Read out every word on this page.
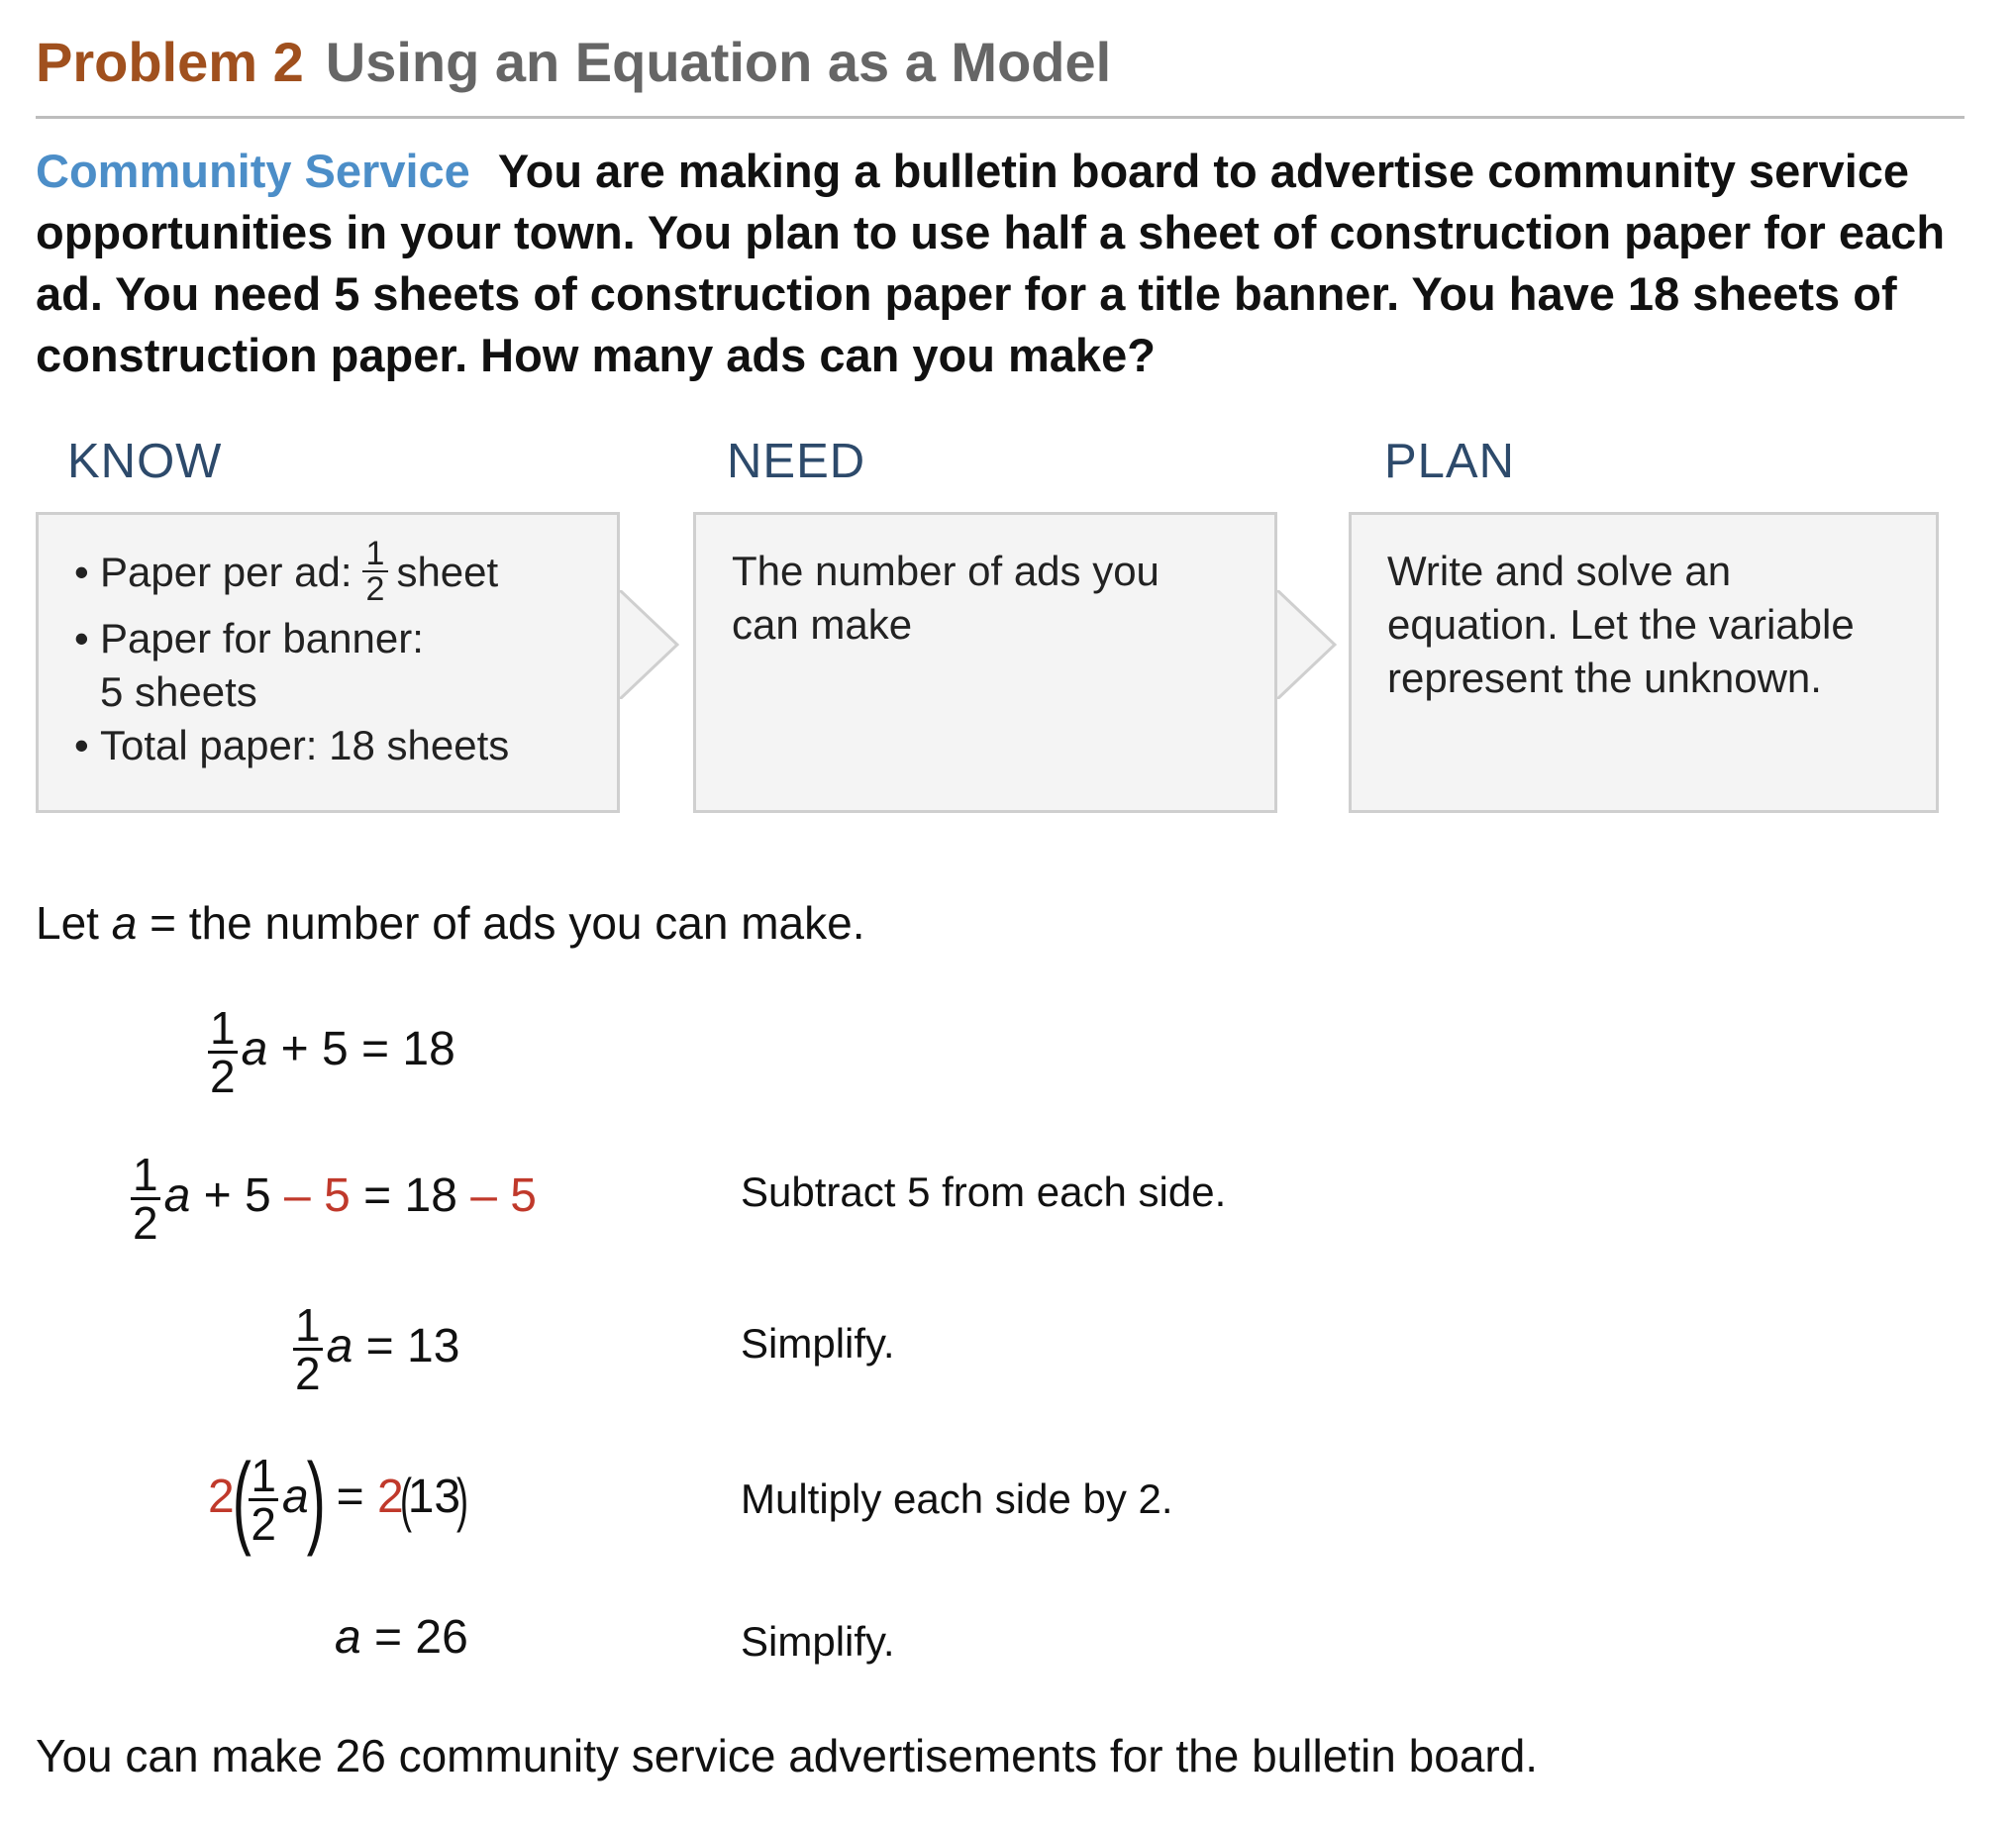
Problem 2 Using an Equation as a Model
Community Service You are making a bulletin board to advertise community service opportunities in your town. You plan to use half a sheet of construction paper for each ad. You need 5 sheets of construction paper for a title banner. You have 18 sheets of construction paper. How many ads can you make?
KNOW	NEED	PLAN
• Paper per ad: $\frac{1}{2}$ sheet
• Paper for banner:
5 sheets
• Total paper: 18 sheets
The number of ads you
can make
Write and solve an
equation. Let the variable
represent the unknown.
Let a = the number of ads you can make.
$\frac{1}{2}$ a + 5 = 18
$\frac{1}{2}$ a + 5 – 5 = 18 – 5	Subtract 5 from each side.
$\frac{1}{2}$ a = 13	Simplify.
2(
$\frac{1}{2} a) = 2(13)$	Multiply each side by 2.
a = 26	Simplify.
You can make 26 community service advertisements for the bulletin board.
